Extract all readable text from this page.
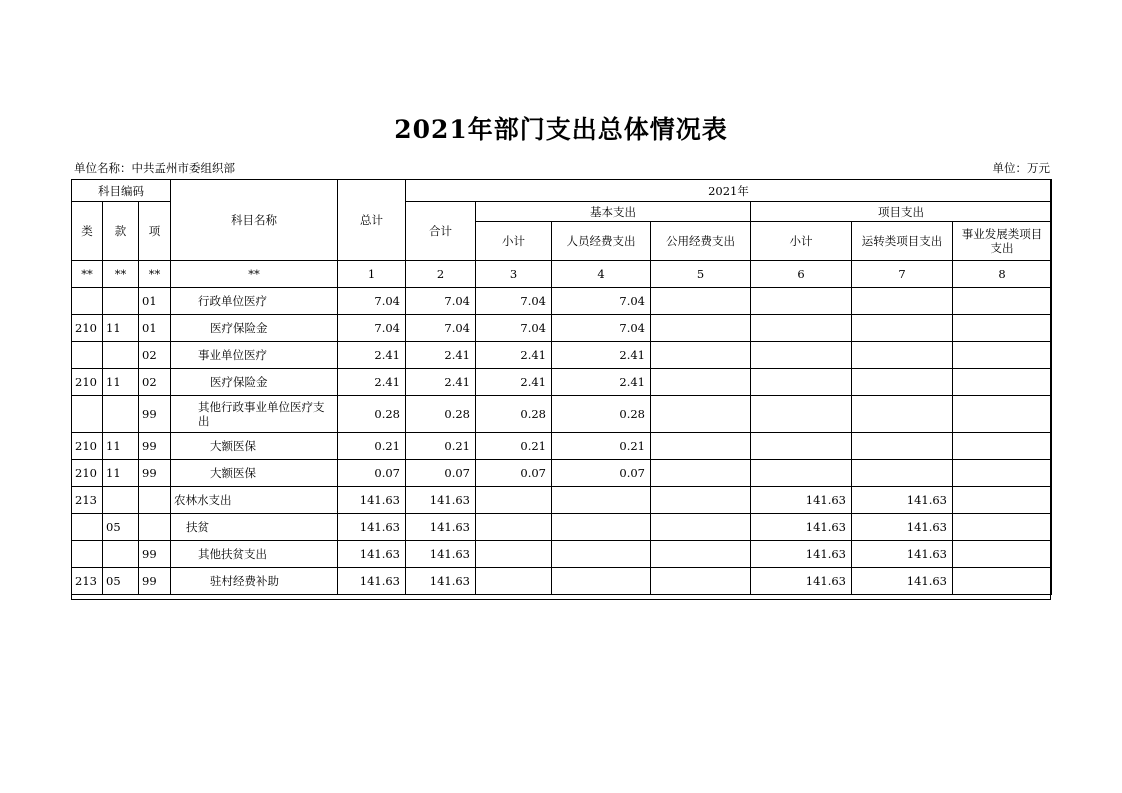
2021年部门支出总体情况表
单位名称：中共孟州市委组织部	单位：万元
科目编码			科目名称	总计	2021年						
类	款	项			合计	基本支出			项目支出		
						小计	人员经费支出	公用经费支出	小计	运转类项目支出	事业发展类项目支出
**	**	**	**	1	2	3	4	5	6	7	8
		01	行政单位医疗	7.04	7.04	7.04	7.04				
210	11	01	医疗保险金	7.04	7.04	7.04	7.04				
		02	事业单位医疗	2.41	2.41	2.41	2.41				
210	11	02	医疗保险金	2.41	2.41	2.41	2.41				
		99	其他行政事业单位医疗支出	0.28	0.28	0.28	0.28				
210	11	99	大额医保	0.21	0.21	0.21	0.21				
210	11	99	大额医保	0.07	0.07	0.07	0.07				
213			农林水支出	141.63	141.63				141.63	141.63	
	05		扶贫	141.63	141.63				141.63	141.63	
		99	其他扶贫支出	141.63	141.63				141.63	141.63	
213	05	99	驻村经费补助	141.63	141.63				141.63	141.63	
